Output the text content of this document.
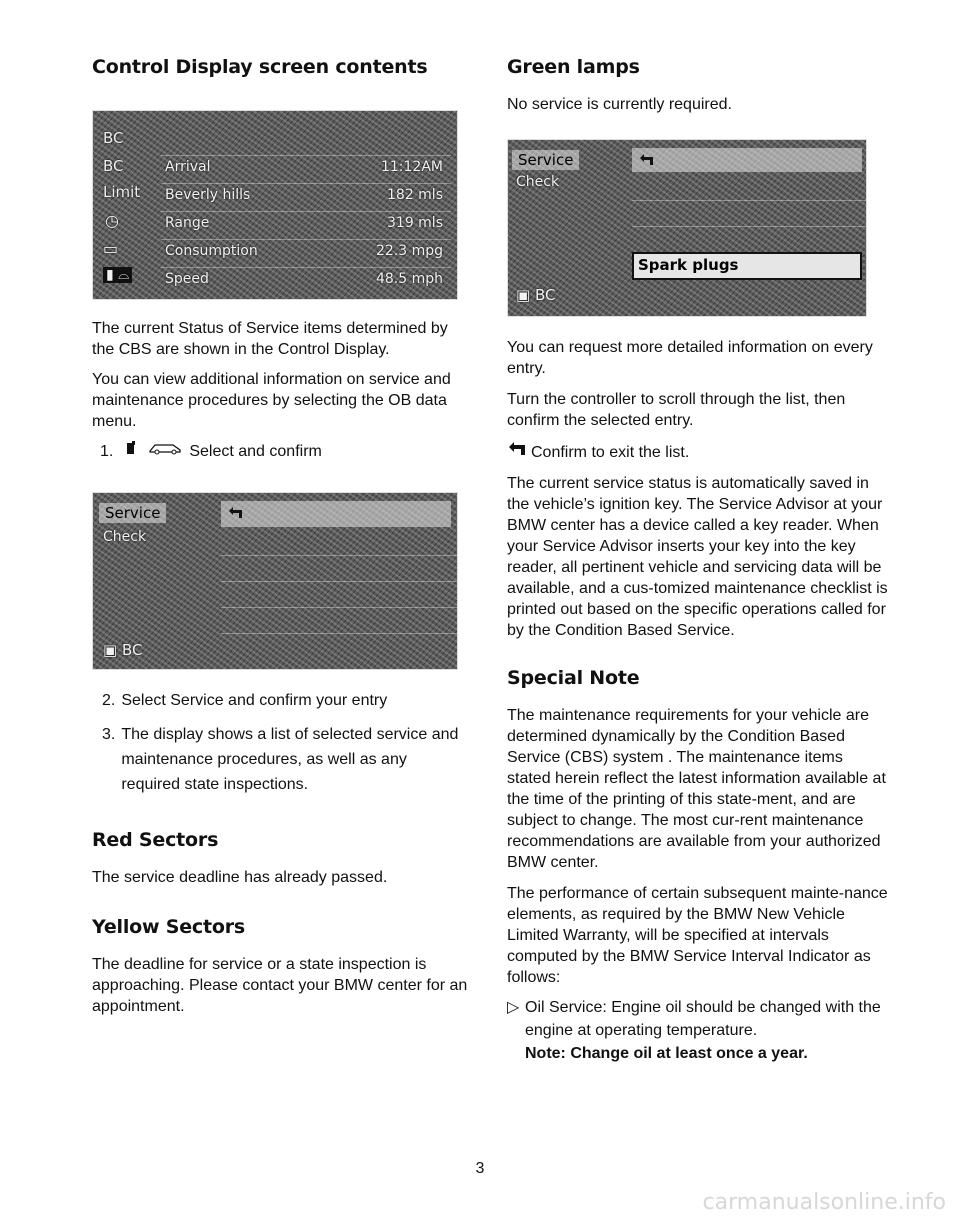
Control Display screen contents
BC
BC
Limit
◷
▭
▮ ⌓
Arrival	11:12AM
Beverly hills	182 mls
Range	319 mls
Consumption	22.3 mpg
Speed	48.5 mph

The current Status of Service items determined by the CBS are shown in the Control Display.

You can view additional information on service and maintenance procedures by selecting the OB data menu.

1.	Select and confirm
Service
Check
▣ BC
2. Select Service and confirm your entry
3. The display shows a list of selected service and maintenance procedures, as well as any required state inspections.
Red Sectors

The service deadline has already passed.

Yellow Sectors

The deadline for service or a state inspection is approaching. Please contact your BMW center for an appointment.

Green lamps

No service is currently required.

Service
Check
Spark plugs
▣ BC

You can request more detailed information on every entry.

Turn the controller to scroll through the list, then confirm the selected entry.

Confirm to exit the list.

The current service status is automatically saved in the vehicle’s ignition key. The Service Advisor at your BMW center has a device called a key reader. When your Service Advisor inserts your key into the key reader, all pertinent vehicle and servicing data will be available, and a cus-tomized maintenance checklist is printed out based on the specific operations called for by the Condition Based Service.

Special Note

The maintenance requirements for your vehicle are determined dynamically by the Condition Based Service (CBS) system . The maintenance items stated herein reflect the latest information available at the time of the printing of this state-ment, and are subject to change. The most cur-rent maintenance recommendations are available from your authorized BMW center.

The performance of certain subsequent mainte-nance elements, as required by the BMW New Vehicle Limited Warranty, will be specified at intervals computed by the BMW Service Interval Indicator as follows:

▷ Oil Service: Engine oil should be changed with the engine at operating temperature.
Note: Change oil at least once a year.
3
carmanualsonline.info
